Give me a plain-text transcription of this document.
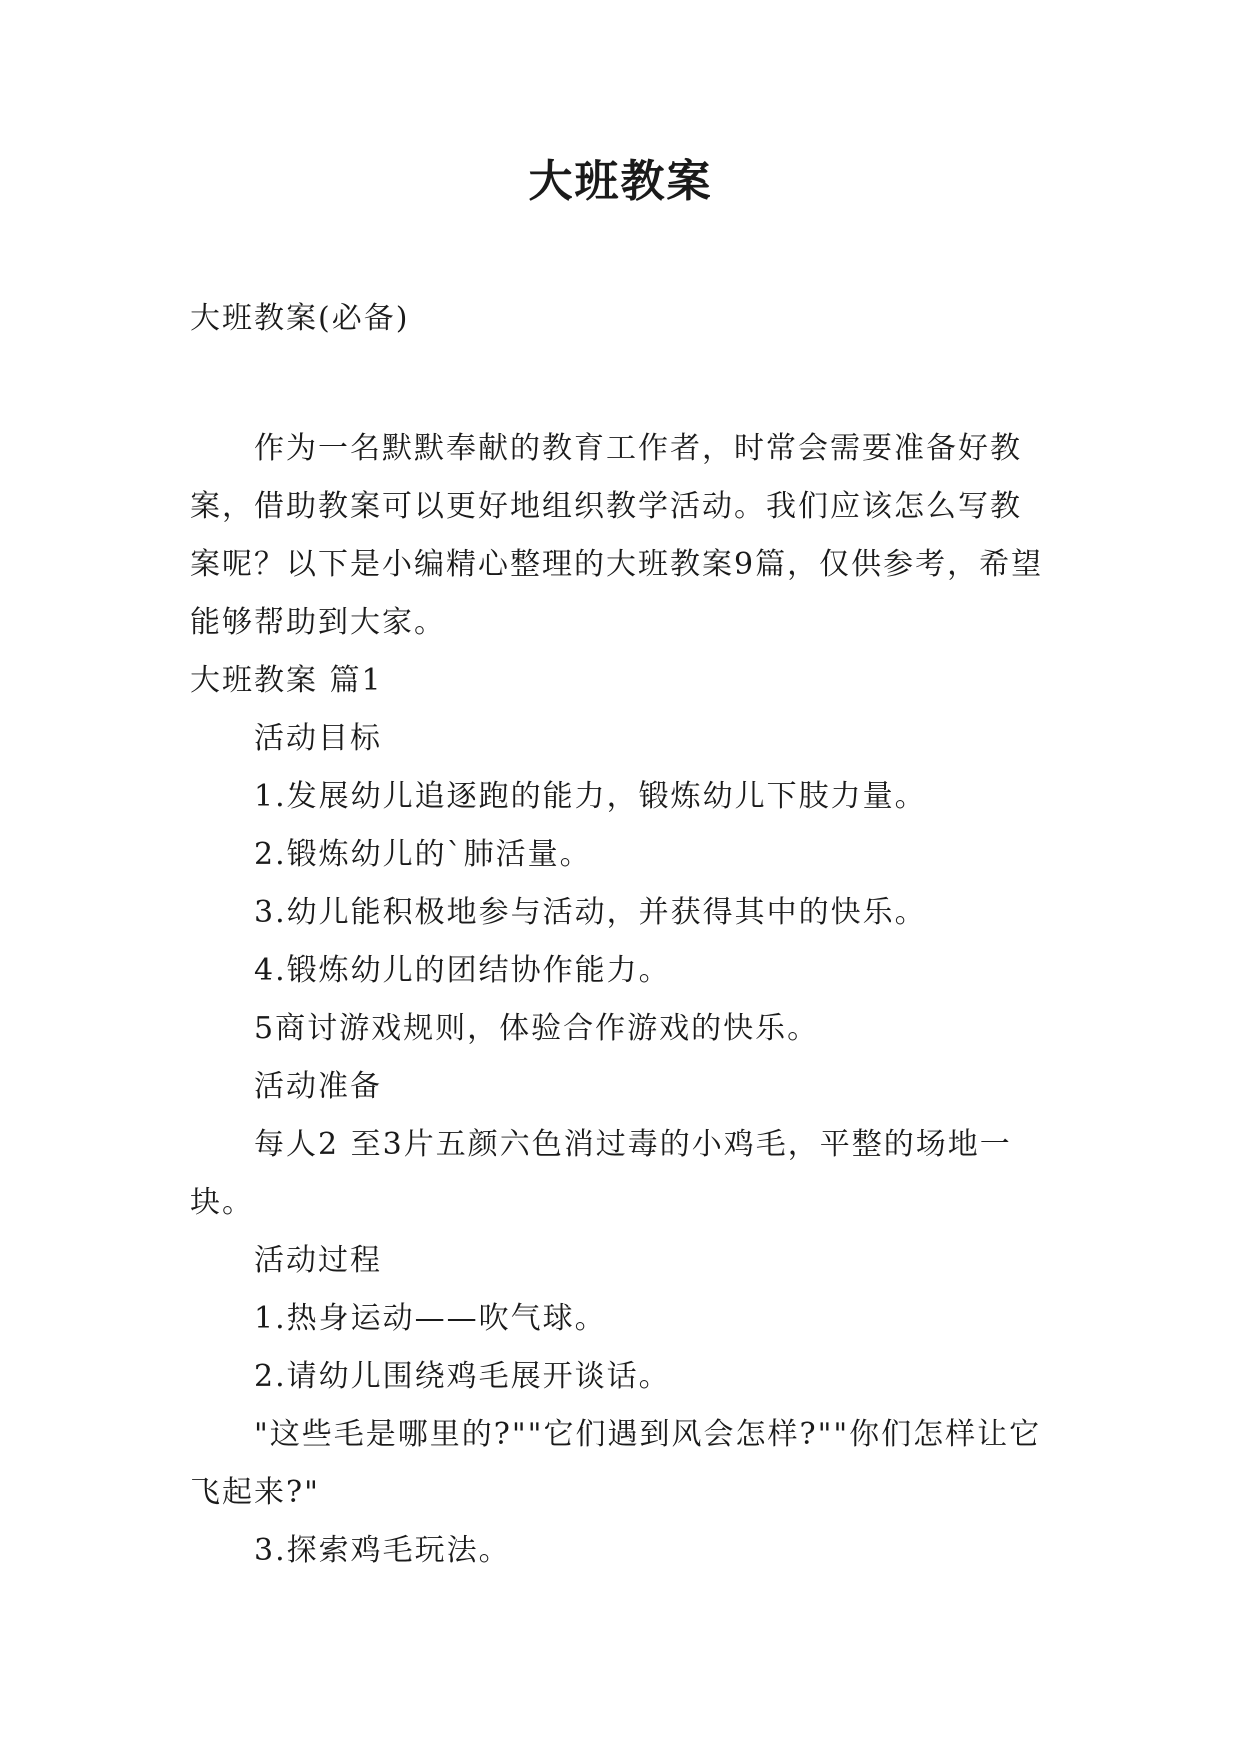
大班教案

大班教案(必备)

作为一名默默奉献的教育工作者，时常会需要准备好教案，借助教案可以更好地组织教学活动。我们应该怎么写教案呢？以下是小编精心整理的大班教案9篇，仅供参考，希望能够帮助到大家。

大班教案 篇1

活动目标

1.发展幼儿追逐跑的能力，锻炼幼儿下肢力量。

2.锻炼幼儿的`肺活量。

3.幼儿能积极地参与活动，并获得其中的快乐。

4.锻炼幼儿的团结协作能力。

5商讨游戏规则，体验合作游戏的快乐。

活动准备

每人2 至3片五颜六色消过毒的小鸡毛，平整的场地一块。

活动过程

1.热身运动——吹气球。

2.请幼儿围绕鸡毛展开谈话。

"这些毛是哪里的?""它们遇到风会怎样?""你们怎样让它飞起来?"

3.探索鸡毛玩法。
